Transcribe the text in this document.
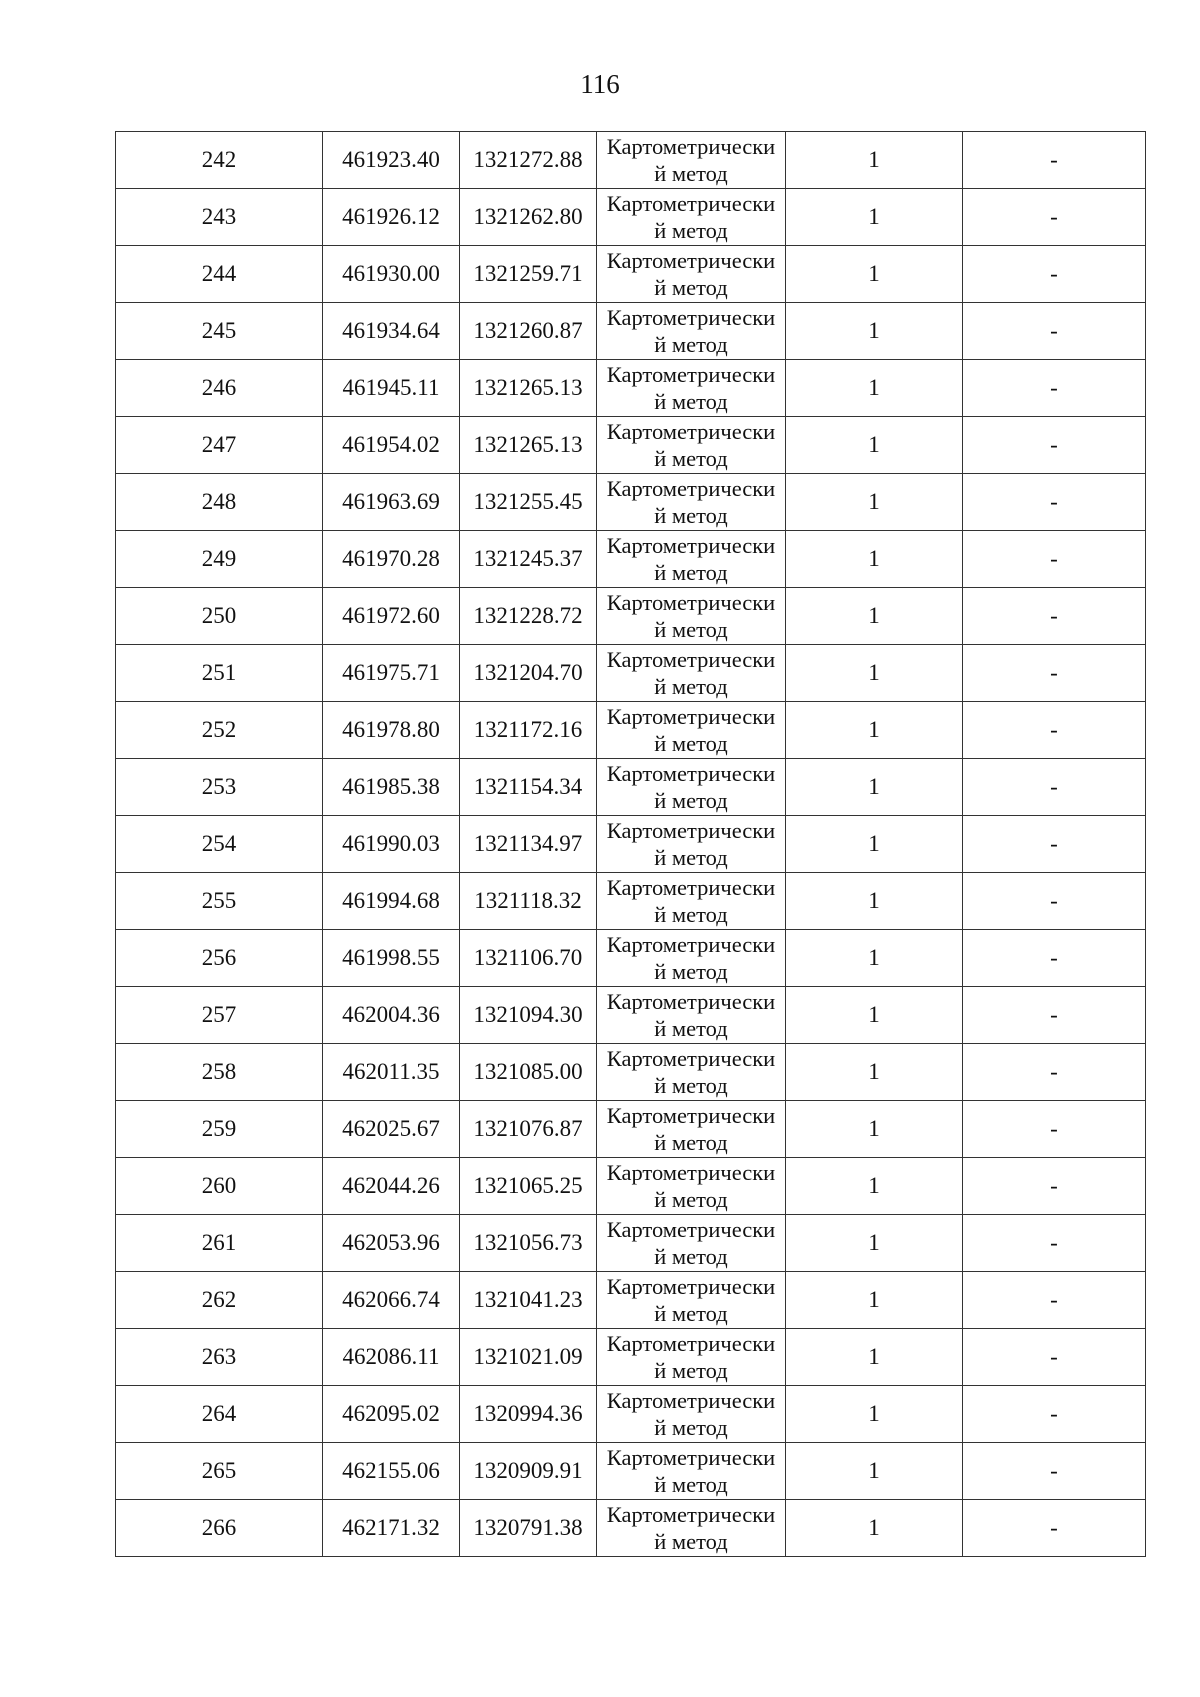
116
242	461923.40	1321272.88	Картометрически й метод	1	-
243	461926.12	1321262.80	Картометрически й метод	1	-
244	461930.00	1321259.71	Картометрически й метод	1	-
245	461934.64	1321260.87	Картометрически й метод	1	-
246	461945.11	1321265.13	Картометрически й метод	1	-
247	461954.02	1321265.13	Картометрически й метод	1	-
248	461963.69	1321255.45	Картометрически й метод	1	-
249	461970.28	1321245.37	Картометрически й метод	1	-
250	461972.60	1321228.72	Картометрически й метод	1	-
251	461975.71	1321204.70	Картометрически й метод	1	-
252	461978.80	1321172.16	Картометрически й метод	1	-
253	461985.38	1321154.34	Картометрически й метод	1	-
254	461990.03	1321134.97	Картометрически й метод	1	-
255	461994.68	1321118.32	Картометрически й метод	1	-
256	461998.55	1321106.70	Картометрически й метод	1	-
257	462004.36	1321094.30	Картометрически й метод	1	-
258	462011.35	1321085.00	Картометрически й метод	1	-
259	462025.67	1321076.87	Картометрически й метод	1	-
260	462044.26	1321065.25	Картометрически й метод	1	-
261	462053.96	1321056.73	Картометрически й метод	1	-
262	462066.74	1321041.23	Картометрически й метод	1	-
263	462086.11	1321021.09	Картометрически й метод	1	-
264	462095.02	1320994.36	Картометрически й метод	1	-
265	462155.06	1320909.91	Картометрически й метод	1	-
266	462171.32	1320791.38	Картометрически й метод	1	-
